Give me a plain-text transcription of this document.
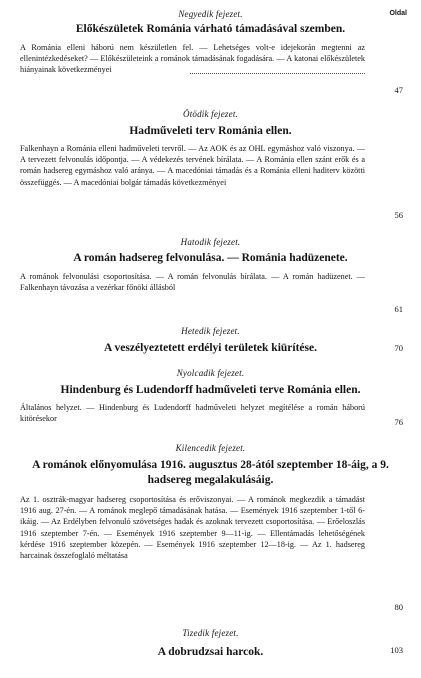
Oldal
Negyedik fejezet.
Előkészületek Románia várható támadásával szemben.
A Románia elleni háború nem készületlen fel. — Lehetséges volt-e idejekorán megtenni az ellenintézkedéseket? — Előkészületeink a románok támadásának fogadására. — A katonai előkészületek hiányainak következményei
47
Ötödik fejezet.
Hadműveleti terv Románia ellen.
Falkenhayn a Románia elleni hadműveleti tervről. — Az AOK és az OHL egymáshoz való viszonya. — A tervezett felvonulás időpontja. — A védekezés tervének bírálata. — A Románia ellen szánt erők és a román hadsereg egymáshoz való aránya. — A macedóniai támadás és a Románia elleni haditerv közötti összefüggés. — A macedóniai bolgár támadás következményei
56
Hatodik fejezet.
A román hadsereg felvonulása. — Románia hadüzenete.
A románok felvonulási csoportosítása. — A román felvonulás bírálata. — A román hadüzenet. — Falkenhayn távozása a vezérkar főnöki állásból
61
Hetedik fejezet.
A veszélyeztetett erdélyi területek kiürítése.	70
Nyolcadik fejezet.
Hindenburg és Ludendorff hadműveleti terve Románia ellen.
Általános helyzet. — Hindenburg és Ludendorff hadműveleti helyzet megítélése a román háború kitörésekor	76
Kilencedik fejezet.
A románok előnyomulása 1916. augusztus 28-ától szeptember 18-áig, a 9. hadsereg megalakulásáig.
Az 1. osztrák-magyar hadsereg csoportosítása és erőviszonyai. — A románok megkezdik a támadást 1916 aug. 27-én. — A románok meglepő támadásának hatása. — Események 1916 szeptember 1-től 6-ikáig. — Az Erdélyben felvonuló szövetséges hadak és azoknak tervezett csoportosítása. — Erőeloszlás 1916 szeptember 7-én. — Események 1916 szeptember 9—11-ig. — Ellentámadás lehetőségének kérdése 1916 szeptember közepén. — Események 1916 szeptember 12—18-ig. — Az 1. hadsereg harcainak összefoglaló méltatása
80
Tizedik fejezet.
A dobrudzsai harcok.	103
